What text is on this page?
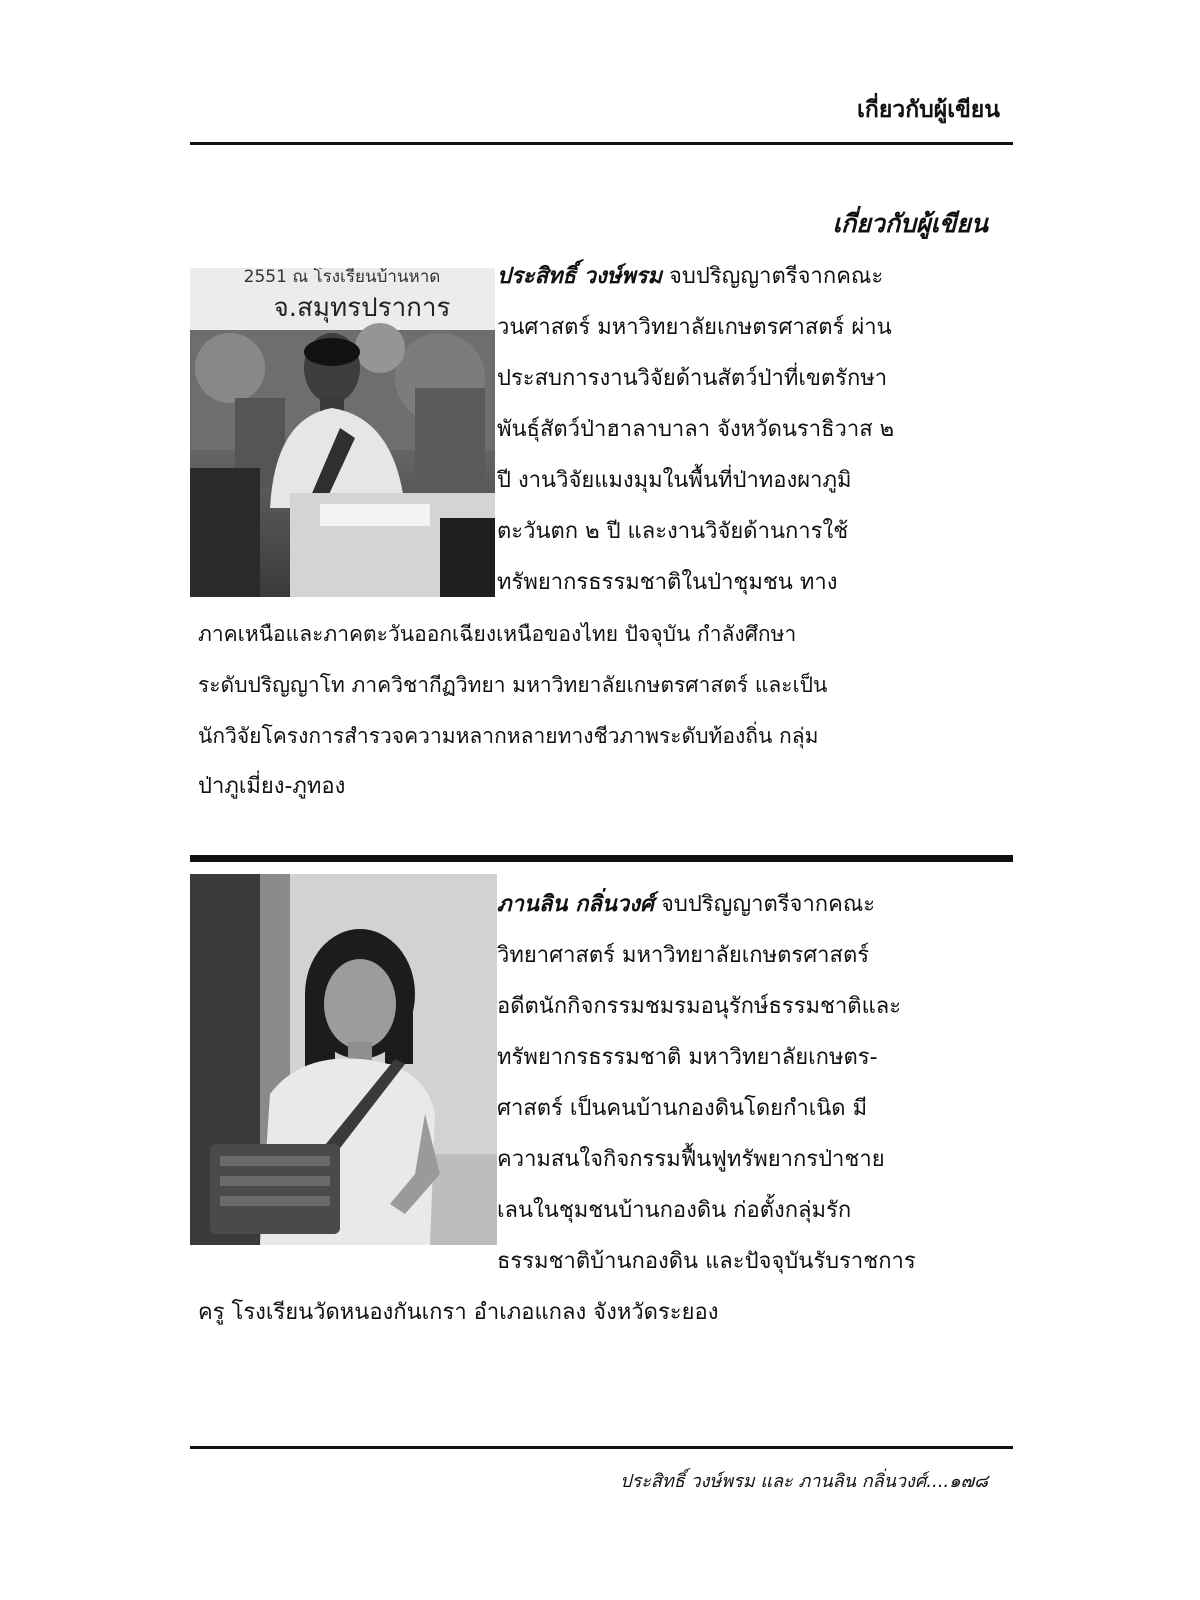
เกี่ยวกับผู้เขียน
เกี่ยวกับผู้เขียน
2551 ณ โรงเรียนบ้านหาด
จ.สมุทรปราการ
ประสิทธิ์ วงษ์พรม จบปริญญาตรีจากคณะ
วนศาสตร์ มหาวิทยาลัยเกษตรศาสตร์ ผ่าน
ประสบการงานวิจัยด้านสัตว์ป่าที่เขตรักษา
พันธุ์สัตว์ป่าฮาลาบาลา จังหวัดนราธิวาส ๒
ปี งานวิจัยแมงมุมในพื้นที่ป่าทองผาภูมิ
ตะวันตก ๒ ปี และงานวิจัยด้านการใช้
ทรัพยากรธรรมชาติในป่าชุมชน ทาง
ภาคเหนือและภาคตะวันออกเฉียงเหนือของไทย ปัจจุบัน กำลังศึกษา
ระดับปริญญาโท ภาควิชากีฏวิทยา มหาวิทยาลัยเกษตรศาสตร์ และเป็น
นักวิจัยโครงการสำรวจความหลากหลายทางชีวภาพระดับท้องถิ่น กลุ่ม
ป่าภูเมี่ยง-ภูทอง
ภานลิน กลิ่นวงศ์ จบปริญญาตรีจากคณะ
วิทยาศาสตร์ มหาวิทยาลัยเกษตรศาสตร์
อดีตนักกิจกรรมชมรมอนุรักษ์ธรรมชาติและ
ทรัพยากรธรรมชาติ มหาวิทยาลัยเกษตร-
ศาสตร์ เป็นคนบ้านกองดินโดยกำเนิด มี
ความสนใจกิจกรรมฟื้นฟูทรัพยากรป่าชาย
เลนในชุมชนบ้านกองดิน ก่อตั้งกลุ่มรัก
ธรรมชาติบ้านกองดิน และปัจจุบันรับราชการ
ครู โรงเรียนวัดหนองกันเกรา อำเภอแกลง จังหวัดระยอง
ประสิทธิ์ วงษ์พรม และ ภานลิน กลิ่นวงศ์....๑๗๘
